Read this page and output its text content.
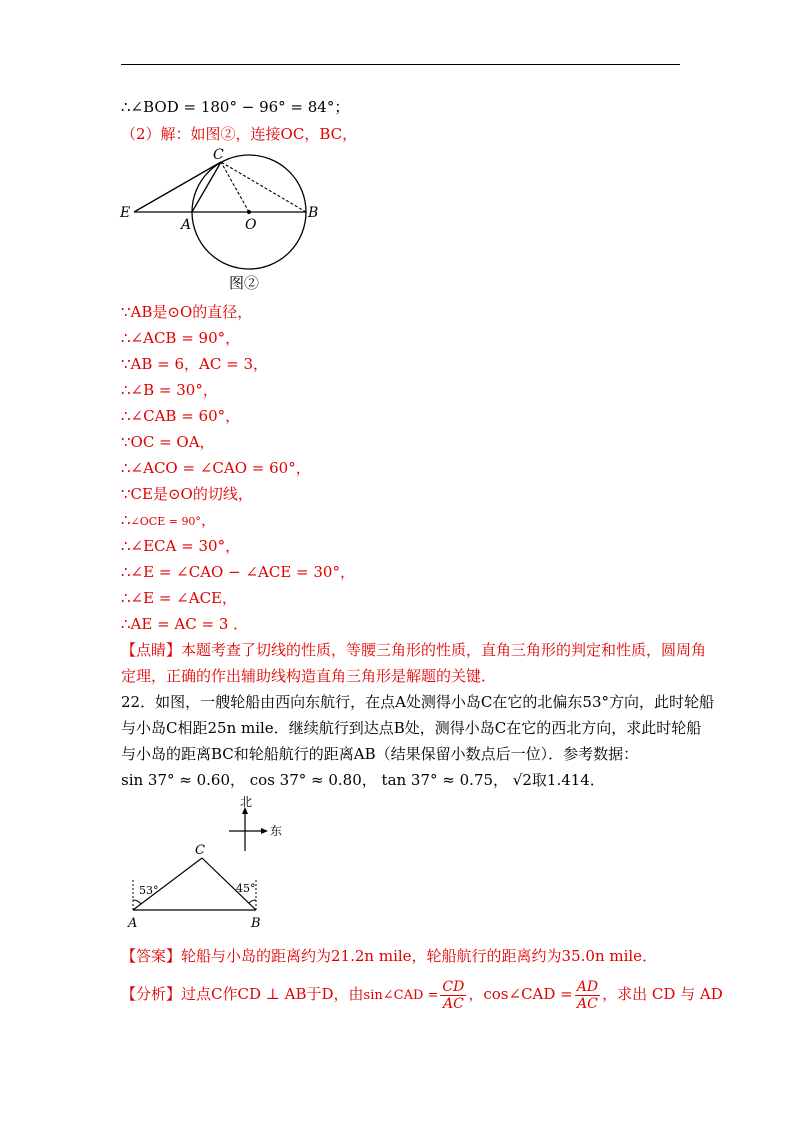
∴∠BOD = 180° − 96° = 84°；
（2）解：如图②，连接OC，BC，
C
E
A	O
B
图②
∵AB是⊙O的直径，
∴∠ACB = 90°，
∵AB = 6，AC = 3，
∴∠B = 30°，
∴∠CAB = 60°，
∵OC = OA，
∴∠ACO = ∠CAO = 60°，
∵CE是⊙O的切线，
∴∠OCE = 90°，
∴∠ECA = 30°，
∴∠E = ∠CAO − ∠ACE = 30°，
∴∠E = ∠ACE，
∴AE = AC = 3 ．
【点睛】本题考查了切线的性质，等腰三角形的性质，直角三角形的判定和性质，圆周角
定理，正确的作出辅助线构造直角三角形是解题的关键．
22．如图，一艘轮船由西向东航行，在点A处测得小岛C在它的北偏东53°方向，此时轮船
与小岛C相距25n mile．继续航行到达点B处，测得小岛C在它的西北方向，求此时轮船
与小岛的距离BC和轮船航行的距离AB（结果保留小数点后一位）．参考数据：
sin 37° ≈ 0.60， cos 37° ≈ 0.80， tan 37° ≈ 0.75， √2取1.414．
北
东
53°	45°
C
A	B
【答案】轮船与小岛的距离约为21.2n mile，轮船航行的距离约为35.0n mile．
【分析】过点C作CD ⊥ AB于D，由sin∠CAD = $\frac{CD}{AC}$ ，cos∠CAD = $\frac{AD}{AC}$ ，求出 CD 与 AD
